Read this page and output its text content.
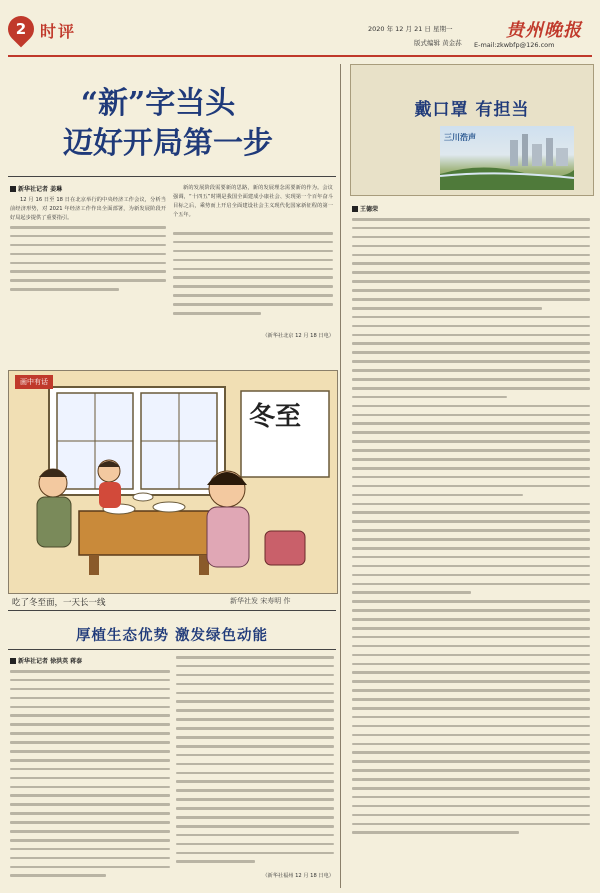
2 时评	2020 年 12 月 21 日 星期一
版式编辑 黄金荪
贵州晚报
E-mail:zkwbfp@126.com
“新”字当头
迈好开局第一步
新华社记者 姜琳
12 月 16 日至 18 日在北京举行的中央经济工作会议，分析当前经济形势，对 2021 年经济工作作出全面部署，为新发展阶段开好局起步提供了重要指引。
新的发展阶段需要新的思路，新的发展理念需要新的作为。会议强调，“十四五”时期是我国全面建成小康社会、实现第一个百年奋斗目标之后，乘势而上开启全面建设社会主义现代化国家新征程的第一个五年。
（新华社北京 12 月 18 日电）
画中有话
冬至
吃了冬至面，一天长一线	新华社发 宋寿明 作
厚植生态优势 激发绿色动能
新华社记者 徐洪英 蒋泰
（新华社福州 12 月 18 日电）
戴口罩 有担当
三川浩声
王德荣
